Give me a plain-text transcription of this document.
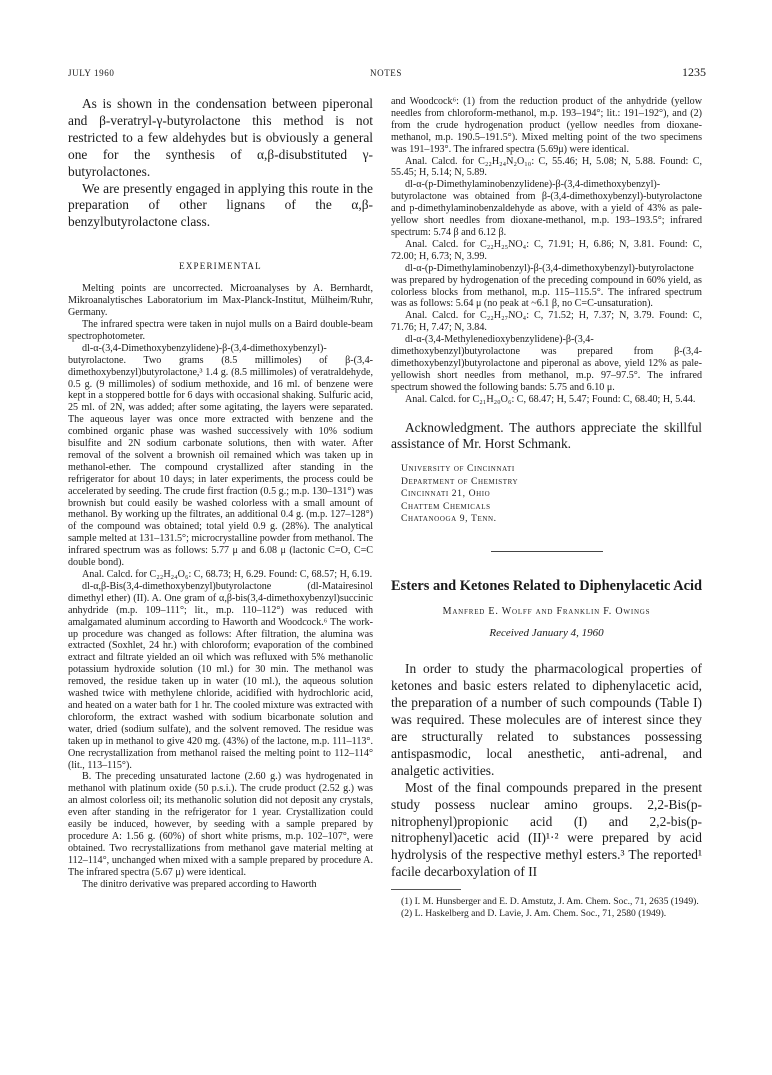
JULY 1960	NOTES	1235

As is shown in the condensation between piperonal and β-veratryl-γ-butyrolactone this method is not restricted to a few aldehydes but is obviously a general one for the synthesis of α,β-disubstituted γ-butyrolactones.

We are presently engaged in applying this route in the preparation of other lignans of the α,β-benzylbutyrolactone class.

EXPERIMENTAL

Melting points are uncorrected. Microanalyses by A. Bernhardt, Mikroanalytisches Laboratorium im Max-Planck-Institut, Mülheim/Ruhr, Germany.

The infrared spectra were taken in nujol mulls on a Baird double-beam spectrophotometer.

dl-α-(3,4-Dimethoxybenzylidene)-β-(3,4-dimethoxybenzyl)-butyrolactone. Two grams (8.5 millimoles) of β-(3,4-dimethoxybenzyl)butyrolactone,³ 1.4 g. (8.5 millimoles) of veratraldehyde, 0.5 g. (9 millimoles) of sodium methoxide, and 16 ml. of benzene were kept in a stoppered bottle for 6 days with occasional shaking. Sulfuric acid, 25 ml. of 2N, was added; after some agitating, the layers were separated. The aqueous layer was once more extracted with benzene and the combined organic phase was washed successively with 10% sodium bisulfite and 2N sodium carbonate solutions, then with water. After removal of the solvent a brownish oil remained which was taken up in methanol-ether. The compound crystallized after standing in the refrigerator for about 10 days; in later experiments, the process could be accelerated by seeding. The crude first fraction (0.5 g.; m.p. 130–131°) was brownish but could easily be washed colorless with a small amount of methanol. By working up the filtrates, an additional 0.4 g. (m.p. 127–128°) of the compound was obtained; total yield 0.9 g. (28%). The analytical sample melted at 131–131.5°; microcrystalline powder from methanol. The infrared spectrum was as follows: 5.77 μ and 6.08 μ (lactonic C=O, C=C double bond).

Anal. Calcd. for C₂₂H₂₄O₆: C, 68.73; H, 6.29. Found: C, 68.57; H, 6.19.

dl-α,β-Bis(3,4-dimethoxybenzyl)butyrolactone (dl-Matairesinol dimethyl ether) (II). A. One gram of α,β-bis(3,4-dimethoxybenzyl)succinic anhydride (m.p. 109–111°; lit., m.p. 110–112°) was reduced with amalgamated aluminum according to Haworth and Woodcock.⁶ The work-up procedure was changed as follows: After filtration, the alumina was extracted (Soxhlet, 24 hr.) with chloroform; evaporation of the combined extract and filtrate yielded an oil which was refluxed with 5% methanolic potassium hydroxide solution (10 ml.) for 30 min. The methanol was removed, the residue taken up in water (10 ml.), the aqueous solution washed twice with methylene chloride, acidified with hydrochloric acid, and heated on a water bath for 1 hr. The cooled mixture was extracted with chloroform, the extract washed with sodium bicarbonate solution and water, dried (sodium sulfate), and the solvent removed. The residue was taken up in methanol to give 420 mg. (43%) of the lactone, m.p. 111–113°. One recrystallization from methanol raised the melting point to 112–114° (lit., 113–115°).

B. The preceding unsaturated lactone (2.60 g.) was hydrogenated in methanol with platinum oxide (50 p.s.i.). The crude product (2.52 g.) was an almost colorless oil; its methanolic solution did not deposit any crystals, even after standing in the refrigerator for 1 year. Crystallization could easily be induced, however, by seeding with a sample prepared by procedure A: 1.56 g. (60%) of short white prisms, m.p. 102–107°, were obtained. Two recrystallizations from methanol gave material melting at 112–114°, unchanged when mixed with a sample prepared by procedure A. The infrared spectra (5.67 μ) were identical.

The dinitro derivative was prepared according to Haworth

and Woodcock⁶: (1) from the reduction product of the anhydride (yellow needles from chloroform-methanol, m.p. 193–194°; lit.: 191–192°), and (2) from the crude hydrogenation product (yellow needles from dioxane-methanol, m.p. 190.5–191.5°). Mixed melting point of the two specimens was 191–193°. The infrared spectra (5.69μ) were identical.

Anal. Calcd. for C₂₂H₂₄N₂O₁₀: C, 55.46; H, 5.08; N, 5.88. Found: C, 55.45; H, 5.14; N, 5.89.

dl-α-(p-Dimethylaminobenzylidene)-β-(3,4-dimethoxybenzyl)-butyrolactone was obtained from β-(3,4-dimethoxybenzyl)-butyrolactone and p-dimethylaminobenzaldehyde as above, with a yield of 43% as pale-yellow short needles from dioxane-methanol, m.p. 193–193.5°; infrared spectrum: 5.74 β and 6.12 β.

Anal. Calcd. for C₂₂H₂₅NO₄: C, 71.91; H, 6.86; N, 3.81. Found: C, 72.00; H, 6.73; N, 3.99.

dl-α-(p-Dimethylaminobenzyl)-β-(3,4-dimethoxybenzyl)-butyrolactone was prepared by hydrogenation of the preceding compound in 60% yield, as colorless blocks from methanol, m.p. 115–115.5°. The infrared spectrum was as follows: 5.64 μ (no peak at ~6.1 β, no C=C-unsaturation).

Anal. Calcd. for C₂₂H₂₇NO₄: C, 71.52; H, 7.37; N, 3.79. Found: C, 71.76; H, 7.47; N, 3.84.

dl-α-(3,4-Methylenedioxybenzylidene)-β-(3,4-dimethoxybenzyl)butyrolactone was prepared from β-(3,4-dimethoxybenzyl)butyrolactone and piperonal as above, yield 12% as pale-yellowish short needles from methanol, m.p. 97–97.5°. The infrared spectrum showed the following bands: 5.75 and 6.10 μ.

Anal. Calcd. for C₂₁H₂₀O₆: C, 68.47; H, 5.47; Found: C, 68.40; H, 5.44.

Acknowledgment. The authors appreciate the skillful assistance of Mr. Horst Schmank.

University of Cincinnati
Department of Chemistry
Cincinnati 21, Ohio
Chattem Chemicals
Chatanooga 9, Tenn.
Esters and Ketones Related to Diphenylacetic Acid
Manfred E. Wolff and Franklin F. Owings
Received January 4, 1960

In order to study the pharmacological properties of ketones and basic esters related to diphenylacetic acid, the preparation of a number of such compounds (Table I) was required. These molecules are of interest since they are structurally related to substances possessing antispasmodic, local anesthetic, anti-adrenal, and analgetic activities.

Most of the final compounds prepared in the present study possess nuclear amino groups. 2,2-Bis(p-nitrophenyl)propionic acid (I) and 2,2-bis(p-nitrophenyl)acetic acid (II)¹·² were prepared by acid hydrolysis of the respective methyl esters.³ The reported¹ facile decarboxylation of II

(1) I. M. Hunsberger and E. D. Amstutz, J. Am. Chem. Soc., 71, 2635 (1949).

(2) L. Haskelberg and D. Lavie, J. Am. Chem. Soc., 71, 2580 (1949).
